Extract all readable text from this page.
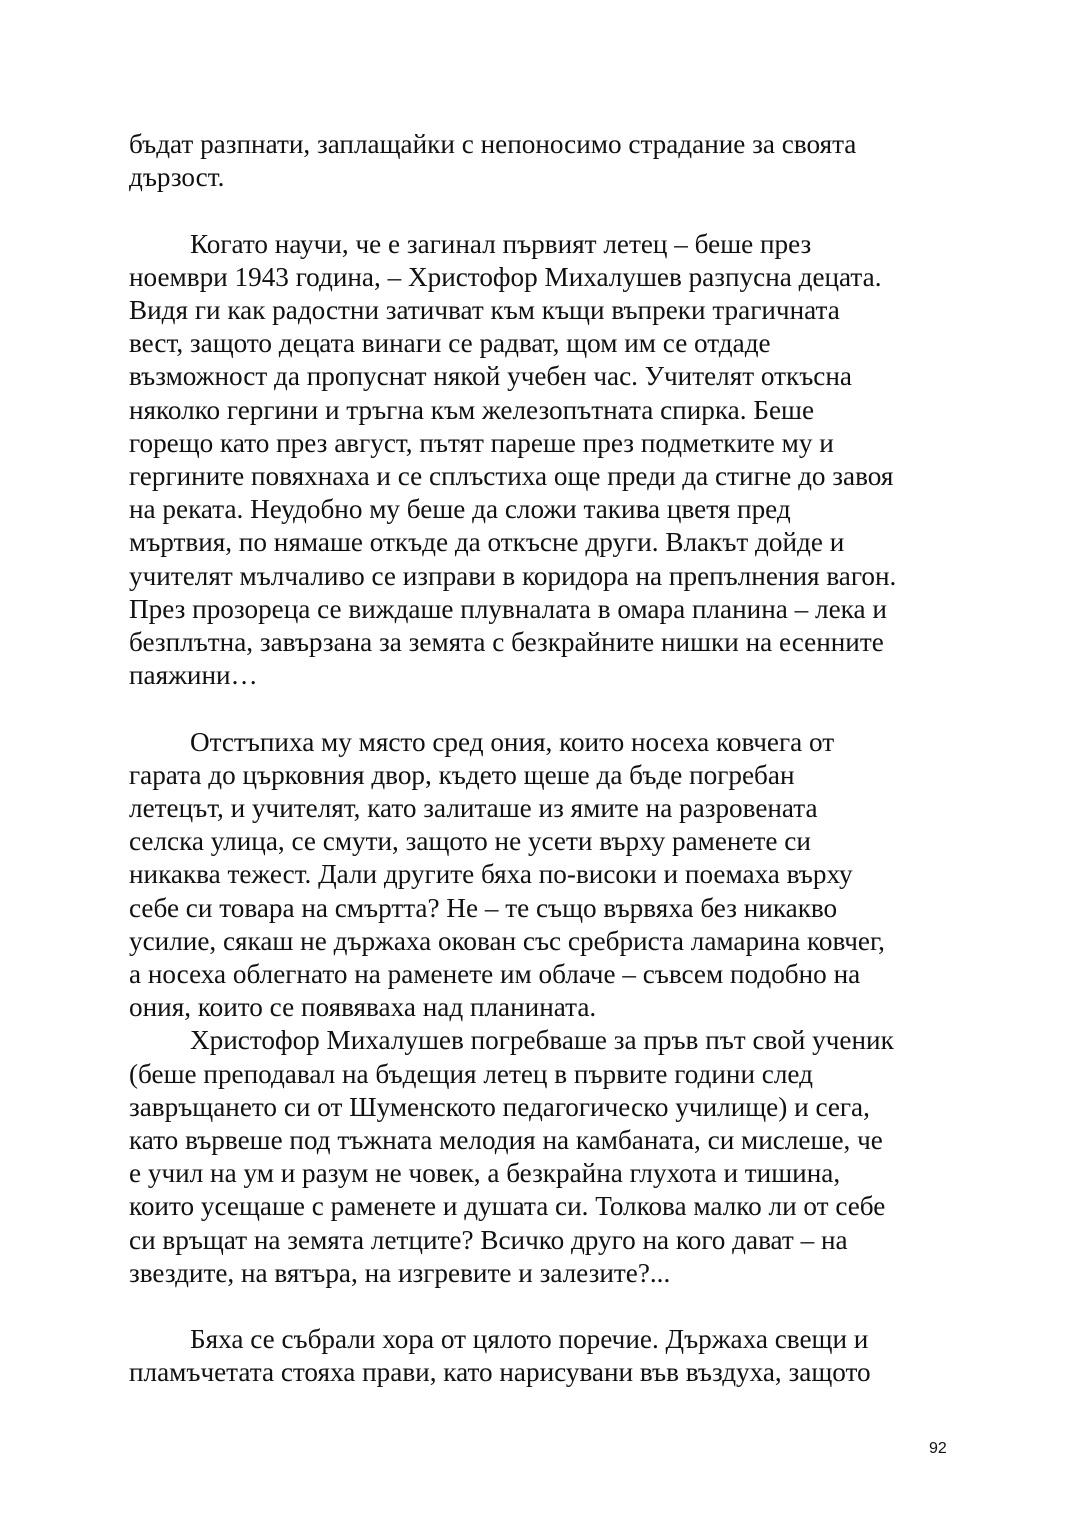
бъдат разпнати, заплащайки с непоносимо страдание за своята
дързост.

Когато научи, че е загинал първият летец – беше през
ноември 1943 година, – Христофор Михалушев разпусна децата.
Видя ги как радостни затичват към къщи въпреки трагичната
вест, защото децата винаги се радват, щом им се отдаде
възможност да пропуснат някой учебен час. Учителят откъсна
няколко гергини и тръгна към железопътната спирка. Беше
горещо като през август, пътят пареше през подметките му и
гергините повяхнаха и се сплъстиха още преди да стигне до завоя
на реката. Неудобно му беше да сложи такива цветя пред
мъртвия, по нямаше откъде да откъсне други. Влакът дойде и
учителят мълчаливо се изправи в коридора на препълнения вагон.
През прозореца се виждаше плувналата в омара планина – лека и
безплътна, завързана за земята с безкрайните нишки на есенните
паяжини…

Отстъпиха му място сред ония, които носеха ковчега от
гарата до църковния двор, където щеше да бъде погребан
летецът, и учителят, като залиташе из ямите на разровената
селска улица, се смути, защото не усети върху раменете си
никаква тежест. Дали другите бяха по-високи и поемаха върху
себе си товара на смъртта? Не – те също вървяха без никакво
усилие, сякаш не държаха окован със сребриста ламарина ковчег,
а носеха облегнато на раменете им облаче – съвсем подобно на
ония, които се появяваха над планината.

Христофор Михалушев погребваше за пръв път свой ученик
(беше преподавал на бъдещия летец в първите години след
завръщането си от Шуменското педагогическо училище) и сега,
като вървеше под тъжната мелодия на камбаната, си мислеше, че
е учил на ум и разум не човек, а безкрайна глухота и тишина,
които усещаше с раменете и душата си. Толкова малко ли от себе
си връщат на земята летците? Всичко друго на кого дават – на
звездите, на вятъра, на изгревите и залезите?...

Бяха се събрали хора от цялото поречие. Държаха свещи и
пламъчетата стояха прави, като нарисувани във въздуха, защото

92
